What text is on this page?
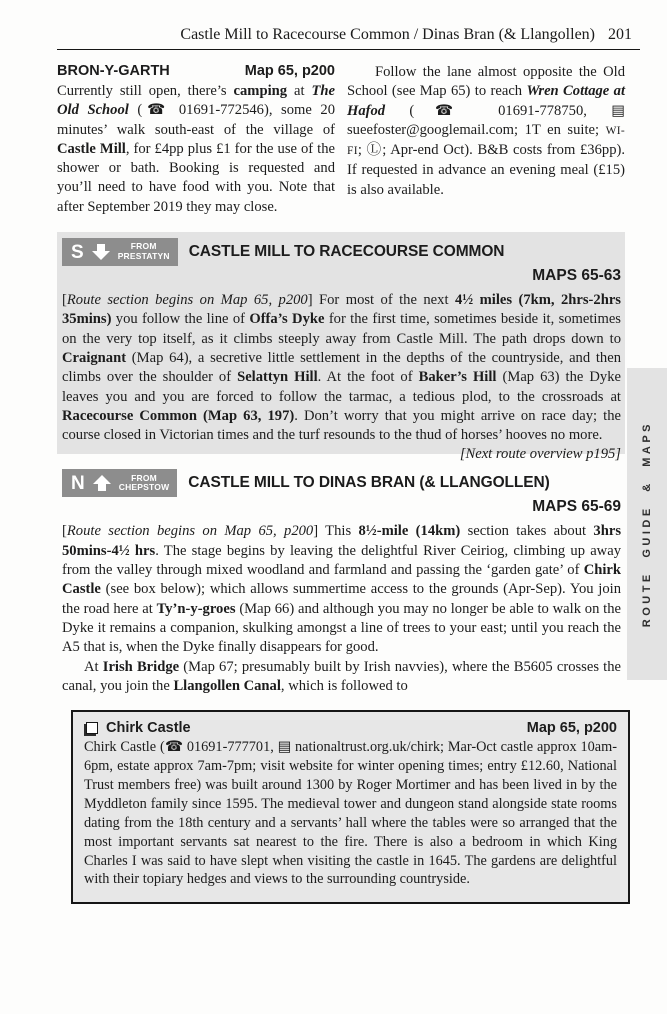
Castle Mill to Racecourse Common / Dinas Bran (& Llangollen) 201
BRON-Y-GARTH	Map 65, p200

Currently still open, there’s camping at The Old School (☎ 01691-772546), some 20 minutes’ walk south-east of the village of Castle Mill, for £4pp plus £1 for the use of the shower or bath. Booking is requested and you’ll need to have food with you. Note that after September 2019 they may close.

Follow the lane almost opposite the Old School (see Map 65) to reach Wren Cottage at Hafod (☎ 01691-778750, ▤ sueefoster@googlemail.com; 1T en suite; WI-FI; Ⓛ; Apr-end Oct). B&B costs from £36pp). If requested in advance an evening meal (£15) is also available.

S	FROM
PRESTATYN CASTLE MILL TO RACECOURSE COMMON
MAPS 65-63

[Route section begins on Map 65, p200] For most of the next 4½ miles (7km, 2hrs-2hrs 35mins) you follow the line of Offa’s Dyke for the first time, sometimes beside it, sometimes on the very top itself, as it climbs steeply away from Castle Mill. The path drops down to Craignant (Map 64), a secretive little settlement in the depths of the countryside, and then climbs over the shoulder of Selattyn Hill. At the foot of Baker’s Hill (Map 63) the Dyke leaves you and you are forced to follow the tarmac, a tedious plod, to the crossroads at Racecourse Common (Map 63, 197). Don’t worry that you might arrive on race day; the course closed in Victorian times and the turf resounds to the thud of horses’ hooves no more.
[Next route overview p195]

N	FROM
CHEPSTOW CASTLE MILL TO DINAS BRAN (& LLANGOLLEN)
MAPS 65-69

[Route section begins on Map 65, p200] This 8½-mile (14km) section takes about 3hrs 50mins-4½ hrs. The stage begins by leaving the delightful River Ceiriog, climbing up away from the valley through mixed woodland and farmland and passing the ‘garden gate’ of Chirk Castle (see box below); which allows summertime access to the grounds (Apr-Sep). You join the road here at Ty’n-y-groes (Map 66) and although you may no longer be able to walk on the Dyke it remains a companion, skulking amongst a line of trees to your east; until you reach the A5 that is, when the Dyke finally disappears for good.

At Irish Bridge (Map 67; presumably built by Irish navvies), where the B5605 crosses the canal, you join the Llangollen Canal, which is followed to

Chirk Castle	Map 65, p200

Chirk Castle (☎ 01691-777701, ▤ nationaltrust.org.uk/chirk; Mar-Oct castle approx 10am-6pm, estate approx 7am-7pm; visit website for winter opening times; entry £12.60, National Trust members free) was built around 1300 by Roger Mortimer and has been lived in by the Myddleton family since 1595. The medieval tower and dungeon stand alongside state rooms dating from the 18th century and a servants’ hall where the tables were so arranged that the most important servants sat nearest to the fire. There is also a bedroom in which King Charles I was said to have slept when visiting the castle in 1645. The gardens are delightful with their topiary hedges and views to the surrounding countryside.

ROUTE GUIDE & MAPS
